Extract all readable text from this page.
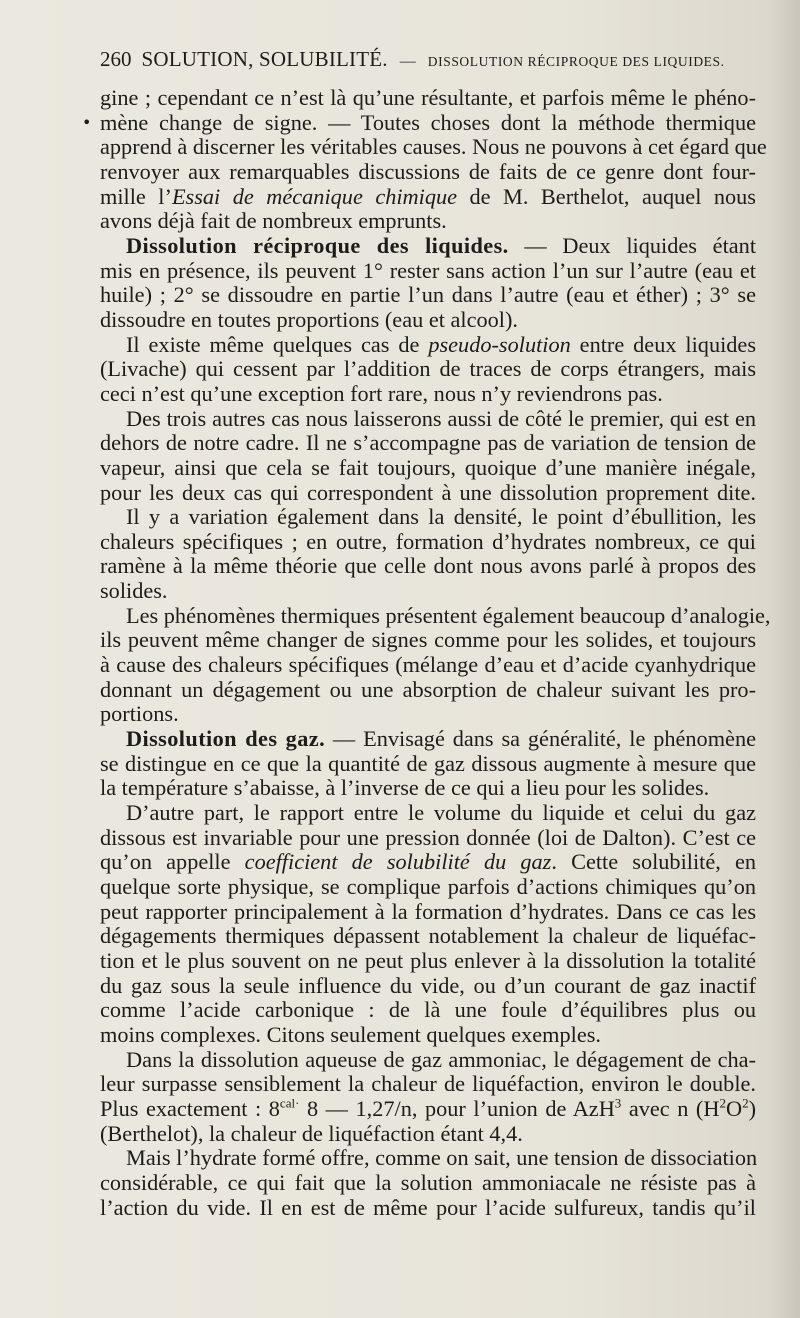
260 SOLUTION, SOLUBILITÉ. — DISSOLUTION RÉCIPROQUE DES LIQUIDES.
•
gine ; cependant ce n’est là qu’une résultante, et parfois même le phéno-
mène change de signe. — Toutes choses dont la méthode thermique
apprend à discerner les véritables causes. Nous ne pouvons à cet égard que
renvoyer aux remarquables discussions de faits de ce genre dont four-
mille l’Essai de mécanique chimique de M. Berthelot, auquel nous
avons déjà fait de nombreux emprunts.
Dissolution réciproque des liquides. — Deux liquides étant
mis en présence, ils peuvent 1° rester sans action l’un sur l’autre (eau et
huile) ; 2° se dissoudre en partie l’un dans l’autre (eau et éther) ; 3° se
dissoudre en toutes proportions (eau et alcool).
Il existe même quelques cas de pseudo-solution entre deux liquides
(Livache) qui cessent par l’addition de traces de corps étrangers, mais
ceci n’est qu’une exception fort rare, nous n’y reviendrons pas.
Des trois autres cas nous laisserons aussi de côté le premier, qui est en
dehors de notre cadre. Il ne s’accompagne pas de variation de tension de
vapeur, ainsi que cela se fait toujours, quoique d’une manière inégale,
pour les deux cas qui correspondent à une dissolution proprement dite.
Il y a variation également dans la densité, le point d’ébullition, les
chaleurs spécifiques ; en outre, formation d’hydrates nombreux, ce qui
ramène à la même théorie que celle dont nous avons parlé à propos des
solides.
Les phénomènes thermiques présentent également beaucoup d’analogie,
ils peuvent même changer de signes comme pour les solides, et toujours
à cause des chaleurs spécifiques (mélange d’eau et d’acide cyanhydrique
donnant un dégagement ou une absorption de chaleur suivant les pro-
portions.
Dissolution des gaz. — Envisagé dans sa généralité, le phénomène
se distingue en ce que la quantité de gaz dissous augmente à mesure que
la température s’abaisse, à l’inverse de ce qui a lieu pour les solides.
D’autre part, le rapport entre le volume du liquide et celui du gaz
dissous est invariable pour une pression donnée (loi de Dalton). C’est ce
qu’on appelle coefficient de solubilité du gaz. Cette solubilité, en
quelque sorte physique, se complique parfois d’actions chimiques qu’on
peut rapporter principalement à la formation d’hydrates. Dans ce cas les
dégagements thermiques dépassent notablement la chaleur de liquéfac-
tion et le plus souvent on ne peut plus enlever à la dissolution la totalité
du gaz sous la seule influence du vide, ou d’un courant de gaz inactif
comme l’acide carbonique : de là une foule d’équilibres plus ou
moins complexes. Citons seulement quelques exemples.
Dans la dissolution aqueuse de gaz ammoniac, le dégagement de cha-
leur surpasse sensiblement la chaleur de liquéfaction, environ le double.
Plus exactement : $8^{cal\cdot}$ 8 — 1,27/n, pour l’union de AzH$^3$ avec n $(H^2O^2)$
(Berthelot), la chaleur de liquéfaction étant 4,4.
Mais l’hydrate formé offre, comme on sait, une tension de dissociation
considérable, ce qui fait que la solution ammoniacale ne résiste pas à
l’action du vide. Il en est de même pour l’acide sulfureux, tandis qu’il
